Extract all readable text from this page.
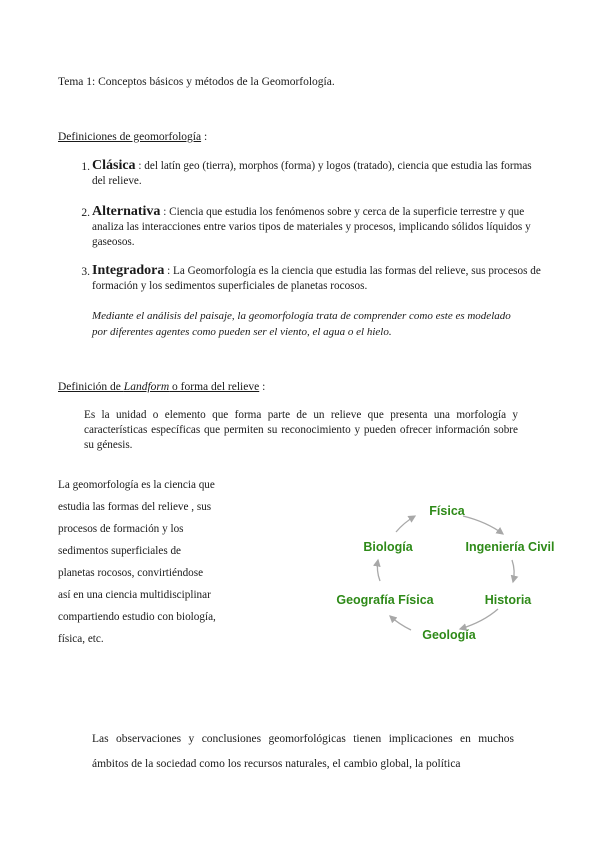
Tema 1: Conceptos básicos y métodos de la Geomorfología.
Definiciones de geomorfología :
1. Clásica : del latín geo (tierra), morphos (forma) y logos (tratado), ciencia que estudia las formas del relieve.
2. Alternativa : Ciencia que estudia los fenómenos sobre y cerca de la superficie terrestre y que analiza las interacciones entre varios tipos de materiales y procesos, implicando sólidos líquidos y gaseosos.
3. Integradora : La Geomorfología es la ciencia que estudia las formas del relieve, sus procesos de formación y los sedimentos superficiales de planetas rocosos.
Mediante el análisis del paisaje, la geomorfología trata de comprender como este es modelado por diferentes agentes como pueden ser el viento, el agua o el hielo.
Definición de Landform o forma del relieve :
Es la unidad o elemento que forma parte de un relieve que presenta una morfología y características específicas que permiten su reconocimiento y pueden ofrecer información sobre su génesis.
La geomorfología es la ciencia que estudia las formas del relieve , sus procesos de formación y los sedimentos superficiales de planetas rocosos, convirtiéndose así en una ciencia multidisciplinar compartiendo estudio con biología, física, etc.
Física
Ingeniería Civil
Historia
Geología
Geografía Física
Biología
Las observaciones y conclusiones geomorfológicas tienen implicaciones en muchos ámbitos de la sociedad como los recursos naturales, el cambio global, la política
